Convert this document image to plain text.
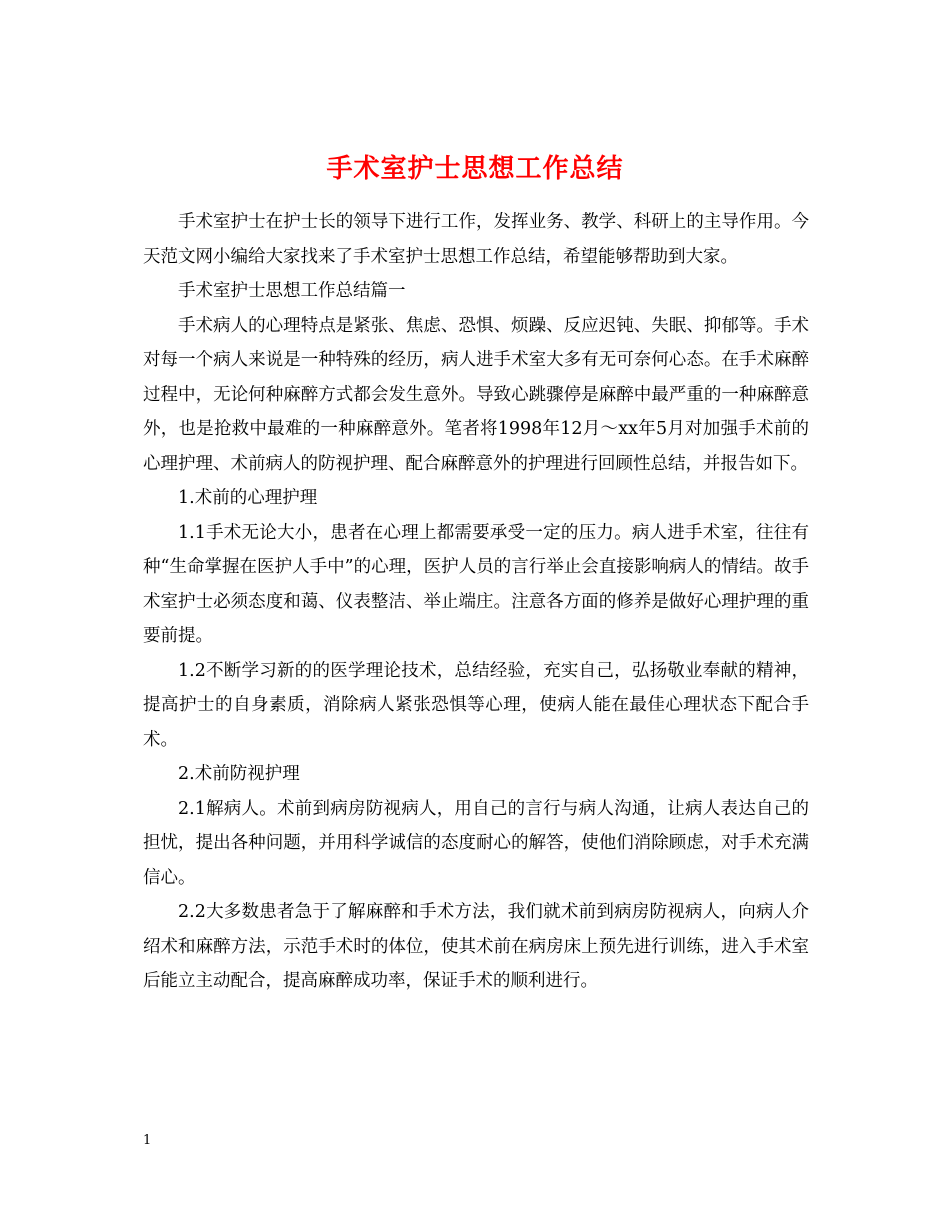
手术室护士思想工作总结

手术室护士在护士长的领导下进行工作，发挥业务、教学、科研上的主导作用。今天范文网小编给大家找来了手术室护士思想工作总结，希望能够帮助到大家。

手术室护士思想工作总结篇一

手术病人的心理特点是紧张、焦虑、恐惧、烦躁、反应迟钝、失眠、抑郁等。手术对每一个病人来说是一种特殊的经历，病人进手术室大多有无可奈何心态。在手术麻醉过程中，无论何种麻醉方式都会发生意外。导致心跳骤停是麻醉中最严重的一种麻醉意外，也是抢救中最难的一种麻醉意外。笔者将1998年12月～xx年5月对加强手术前的心理护理、术前病人的防视护理、配合麻醉意外的护理进行回顾性总结，并报告如下。

1.术前的心理护理

1.1手术无论大小，患者在心理上都需要承受一定的压力。病人进手术室，往往有种“生命掌握在医护人手中”的心理，医护人员的言行举止会直接影响病人的情结。故手术室护士必须态度和蔼、仪表整洁、举止端庄。注意各方面的修养是做好心理护理的重要前提。

1.2不断学习新的的医学理论技术，总结经验，充实自己，弘扬敬业奉献的精神，提高护士的自身素质，消除病人紧张恐惧等心理，使病人能在最佳心理状态下配合手术。

2.术前防视护理

2.1解病人。术前到病房防视病人，用自己的言行与病人沟通，让病人表达自己的担忧，提出各种问题，并用科学诚信的态度耐心的解答，使他们消除顾虑，对手术充满信心。

2.2大多数患者急于了解麻醉和手术方法，我们就术前到病房防视病人，向病人介绍术和麻醉方法，示范手术时的体位，使其术前在病房床上预先进行训练，进入手术室后能立主动配合，提高麻醉成功率，保证手术的顺利进行。

1
